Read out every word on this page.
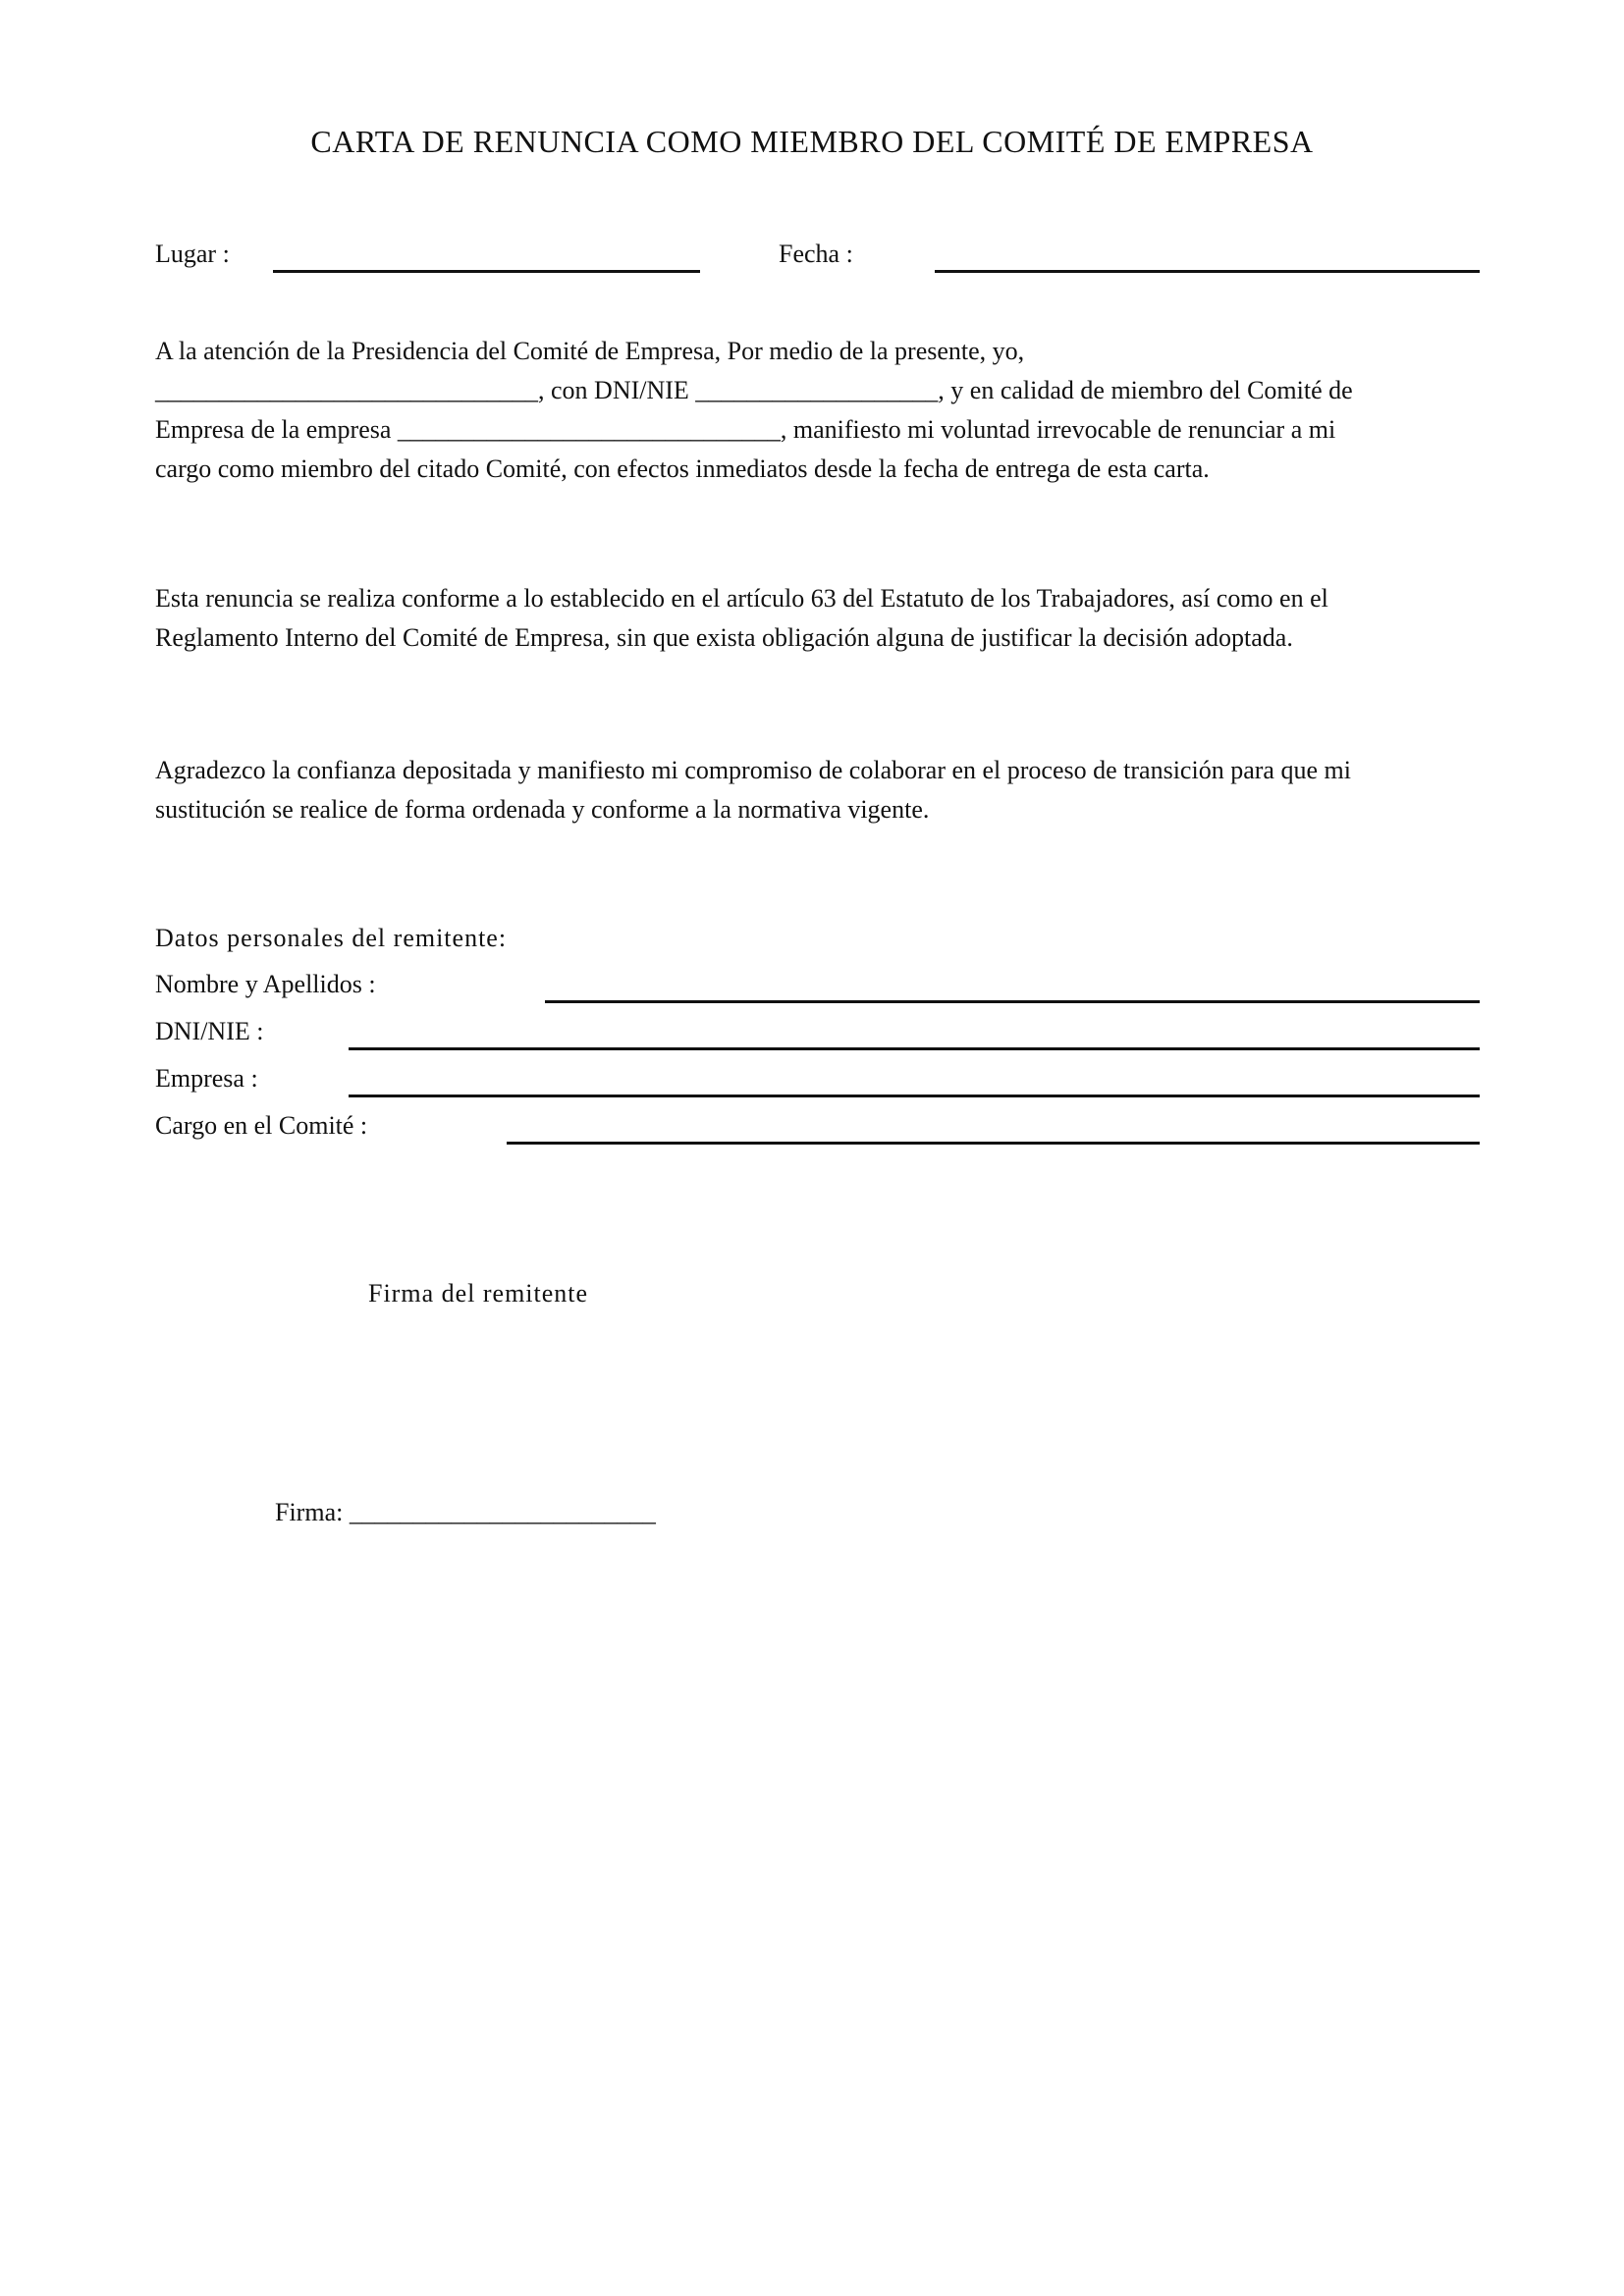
CARTA DE RENUNCIA COMO MIEMBRO DEL COMITÉ DE EMPRESA
Lugar :	Fecha :
A la atención de la Presidencia del Comité de Empresa, Por medio de la presente, yo,
______________________________, con DNI/NIE ___________________, y en calidad de miembro del Comité de
Empresa de la empresa ______________________________, manifiesto mi voluntad irrevocable de renunciar a mi
cargo como miembro del citado Comité, con efectos inmediatos desde la fecha de entrega de esta carta.
Esta renuncia se realiza conforme a lo establecido en el artículo 63 del Estatuto de los Trabajadores, así como en el
Reglamento Interno del Comité de Empresa, sin que exista obligación alguna de justificar la decisión adoptada.
Agradezco la confianza depositada y manifiesto mi compromiso de colaborar en el proceso de transición para que mi
sustitución se realice de forma ordenada y conforme a la normativa vigente.
Datos personales del remitente:
Nombre y Apellidos :
DNI/NIE :
Empresa :
Cargo en el Comité :
Firma del remitente
Firma: ________________________
